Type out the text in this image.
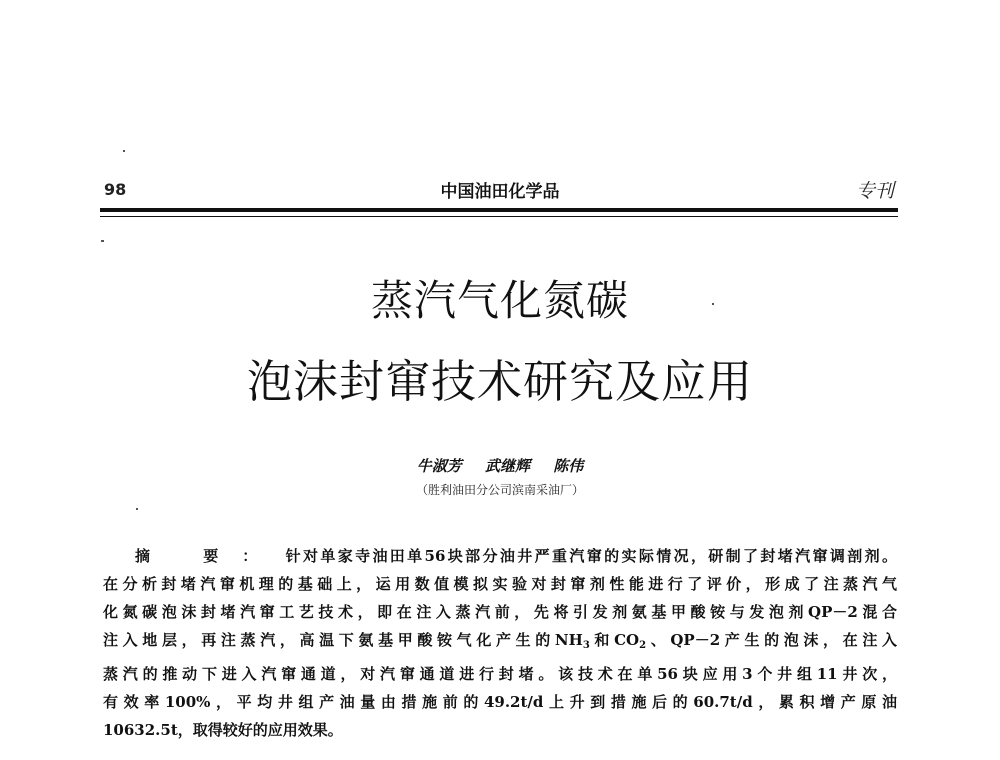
98	中国油田化学品	专刊
蒸汽气化氮碳
泡沫封窜技术研究及应用
牛淑芳 武继辉 陈伟
（胜利油田分公司滨南采油厂）
摘 要： 针对单家寺油田单56块部分油井严重汽窜的实际情况，研制了封堵汽窜调剖剂。
在分析封堵汽窜机理的基础上，运用数值模拟实验对封窜剂性能进行了评价，形成了注蒸汽气
化氮碳泡沫封堵汽窜工艺技术，即在注入蒸汽前，先将引发剂氨基甲酸铵与发泡剂QP－2混合
注入地层，再注蒸汽，高温下氨基甲酸铵气化产生的$NH_3$和$CO_2$、QP－2产生的泡沫，在注入
蒸汽的推动下进入汽窜通道，对汽窜通道进行封堵。该技术在单56块应用3个井组11井次，
有效率100%，平均井组产油量由措施前的49.2t/d上升到措施后的60.7t/d，累积增产原油
10632.5t，取得较好的应用效果。
